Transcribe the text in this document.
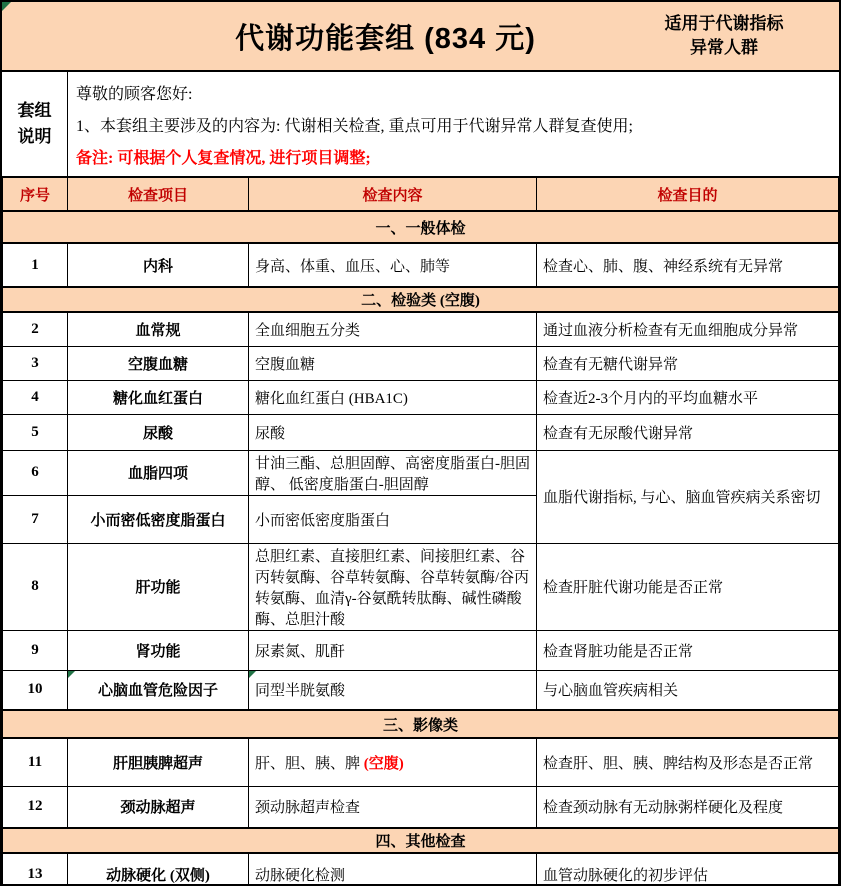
代谢功能套组 (834 元)	适用于代谢指标
异常人群
套组
说明
尊敬的顾客您好:
1、本套组主要涉及的内容为: 代谢相关检查, 重点可用于代谢异常人群复查使用;
备注: 可根据个人复查情况, 进行项目调整;
序号	检查项目	检查内容	检查目的
一、一般体检			
1	内科	身高、体重、血压、心、肺等	检查心、肺、腹、神经系统有无异常
二、检验类 (空腹)			
2	血常规	全血细胞五分类	通过血液分析检查有无血细胞成分异常
3	空腹血糖	空腹血糖	检查有无糖代谢异常
4	糖化血红蛋白	糖化血红蛋白 (HBA1C)	检查近2-3个月内的平均血糖水平
5	尿酸	尿酸	检查有无尿酸代谢异常
6	血脂四项	甘油三酯、总胆固醇、高密度脂蛋白-胆固醇、 低密度脂蛋白-胆固醇	血脂代谢指标, 与心、脑血管疾病关系密切
7	小而密低密度脂蛋白	小而密低密度脂蛋白	
8	肝功能	总胆红素、直接胆红素、间接胆红素、谷丙转氨酶、谷草转氨酶、谷草转氨酶/谷丙转氨酶、血清γ-谷氨酰转肽酶、碱性磷酸酶、总胆汁酸	检查肝脏代谢功能是否正常
9	肾功能	尿素氮、肌酐	检查肾脏功能是否正常
10	心脑血管危险因子	同型半胱氨酸	与心脑血管疾病相关
三、影像类			
11	肝胆胰脾超声	肝、胆、胰、脾 (空腹)	检查肝、胆、胰、脾结构及形态是否正常
12	颈动脉超声	颈动脉超声检查	检查颈动脉有无动脉粥样硬化及程度
四、其他检查			
13	动脉硬化 (双侧)	动脉硬化检测	血管动脉硬化的初步评估
